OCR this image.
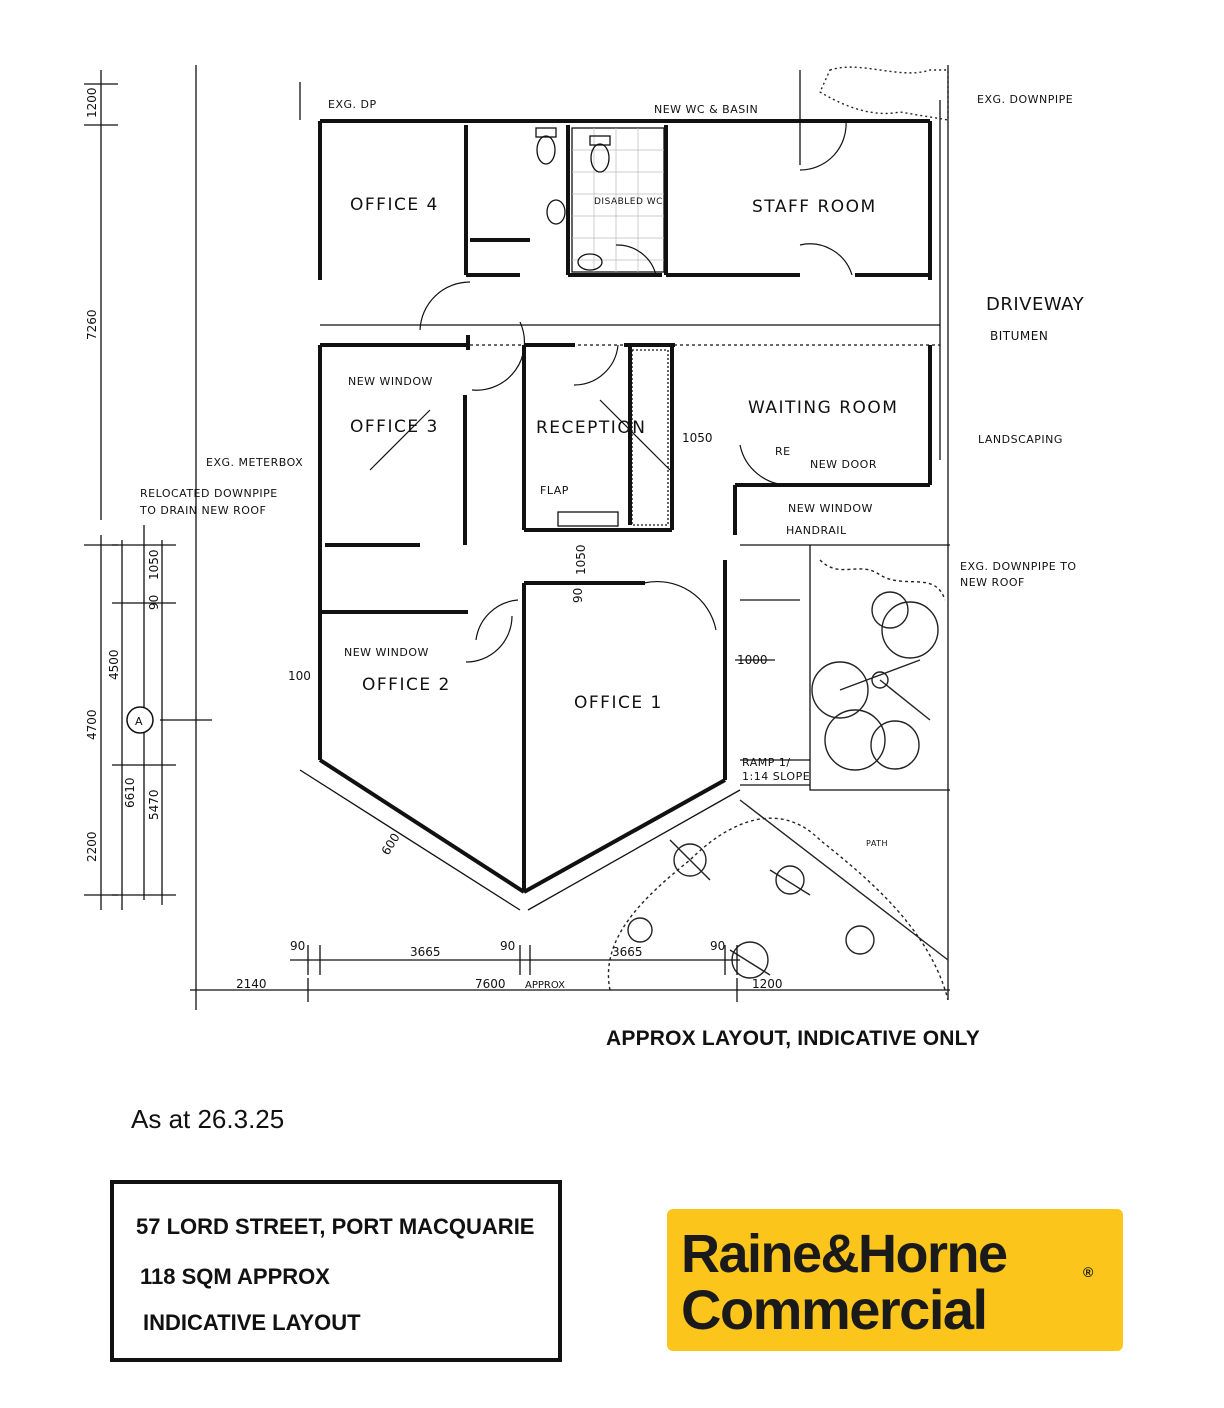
1200
7260
4700
2200
4500
6610
1050
90
5470
A
OFFICE 4	STAFF ROOM
OFFICE 3	RECEPTION
WAITING ROOM
OFFICE 2
OFFICE 1
EXG. DP	NEW WC & BASIN
DISABLED WC
EXG. DOWNPIPE
DRIVEWAY
BITUMEN
NEW WINDOW
EXG. METERBOX
RELOCATED DOWNPIPE
TO DRAIN NEW ROOF
FLAP
LANDSCAPING
RE
NEW DOOR
NEW WINDOW
HANDRAIL
EXG. DOWNPIPE TO
NEW ROOF
NEW WINDOW
RAMP 1/
1:14 SLOPE
PATH
1050
1050
90
1000
100
600
90	3665	90	3665	90
2140	7600 APPROX	1200
APPROX LAYOUT, INDICATIVE ONLY
As at 26.3.25
57 LORD STREET, PORT MACQUARIE
118 SQM APPROX
INDICATIVE LAYOUT
Raine&Horne	®
Commercial
